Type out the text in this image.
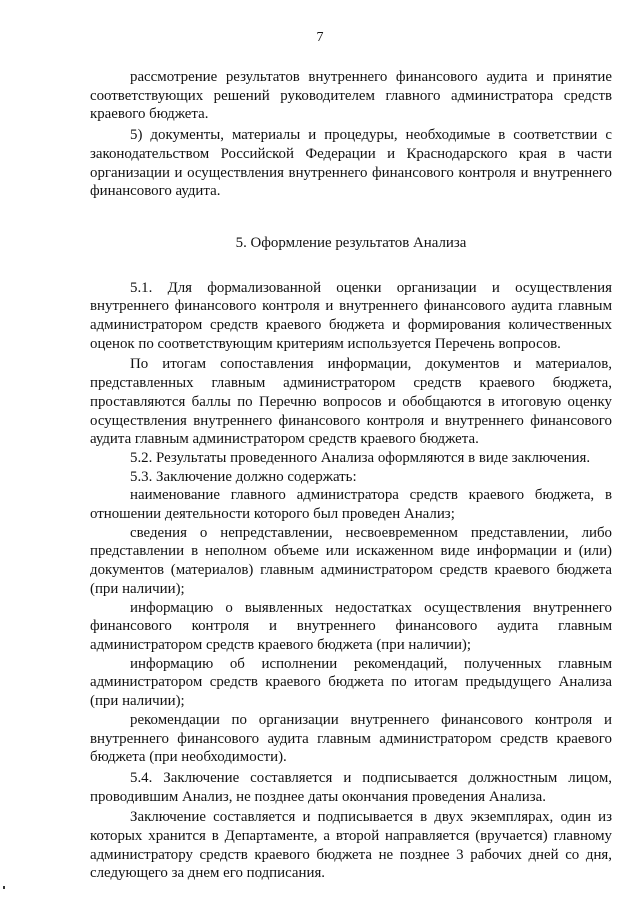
7

рассмотрение результатов внутреннего финансового аудита и принятие соответствующих решений руководителем главного администратора средств краевого бюджета.

5) документы, материалы и процедуры, необходимые в соответствии с законодательством Российской Федерации и Краснодарского края в части организации и осуществления внутреннего финансового контроля и внутреннего финансового аудита.

5. Оформление результатов Анализа

5.1. Для формализованной оценки организации и осуществления внутреннего финансового контроля и внутреннего финансового аудита главным администратором средств краевого бюджета и формирования количественных оценок по соответствующим критериям используется Перечень вопросов.

По итогам сопоставления информации, документов и материалов, представленных главным администратором средств краевого бюджета, проставляются баллы по Перечню вопросов и обобщаются в итоговую оценку осуществления внутреннего финансового контроля и внутреннего финансового аудита главным администратором средств краевого бюджета.

5.2. Результаты проведенного Анализа оформляются в виде заключения.

5.3. Заключение должно содержать:

наименование главного администратора средств краевого бюджета, в отношении деятельности которого был проведен Анализ;

сведения о непредставлении, несвоевременном представлении, либо представлении в неполном объеме или искаженном виде информации и (или) документов (материалов) главным администратором средств краевого бюджета (при наличии);

информацию о выявленных недостатках осуществления внутреннего финансового контроля и внутреннего финансового аудита главным администратором средств краевого бюджета (при наличии);

информацию об исполнении рекомендаций, полученных главным администратором средств краевого бюджета по итогам предыдущего Анализа (при наличии);

рекомендации по организации внутреннего финансового контроля и внутреннего финансового аудита главным администратором средств краевого бюджета (при необходимости).

5.4. Заключение составляется и подписывается должностным лицом, проводившим Анализ, не позднее даты окончания проведения Анализа.

Заключение составляется и подписывается в двух экземплярах, один из которых хранится в Департаменте, а второй направляется (вручается) главному администратору средств краевого бюджета не позднее 3 рабочих дней со дня, следующего за днем его подписания.
